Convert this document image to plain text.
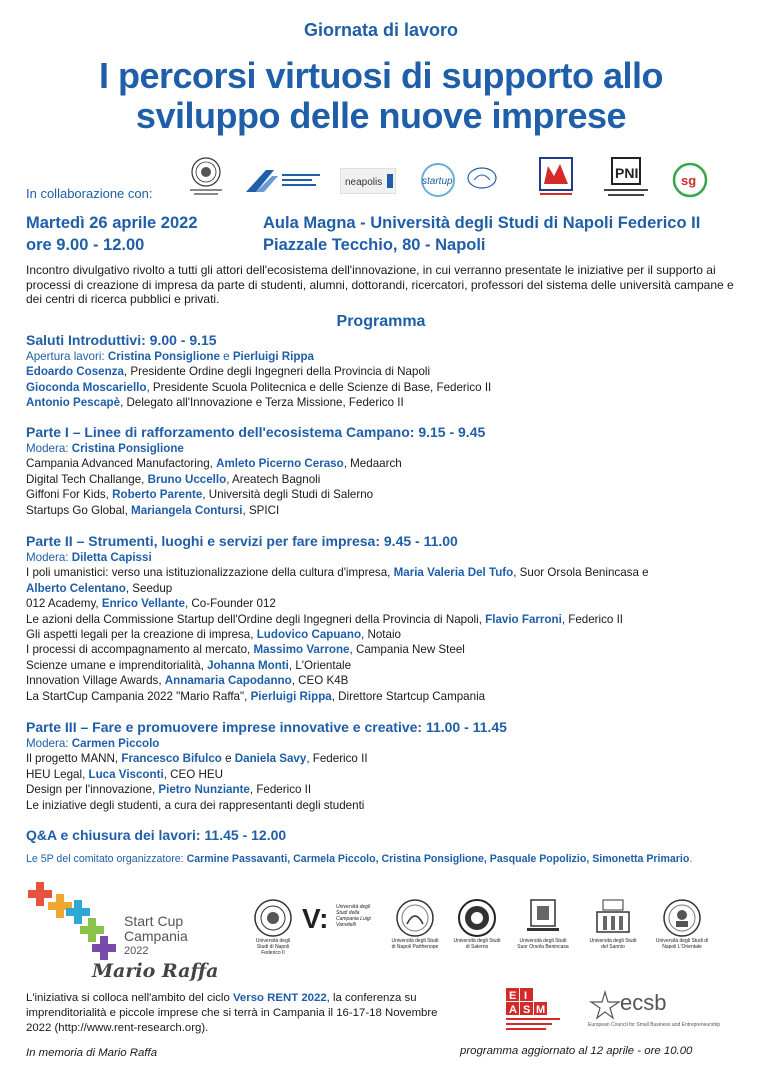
Giornata di lavoro
I percorsi virtuosi di supporto allo
sviluppo delle nuove imprese
In collaborazione con:
neapolis	startup
PNI	sg
Martedì 26 aprile 2022
ore 9.00 - 12.00
Aula Magna - Università degli Studi di Napoli Federico II
Piazzale Tecchio, 80 - Napoli
Incontro divulgativo rivolto a tutti gli attori dell'ecosistema dell'innovazione, in cui verranno presentate le iniziative per il supporto ai processi di creazione di impresa da parte di studenti, alumni, dottorandi, ricercatori, professori del sistema delle università campane e dei centri di ricerca pubblici e privati.
Programma
Saluti Introduttivi: 9.00 - 9.15
Apertura lavori: Cristina Ponsiglione e Pierluigi Rippa
Edoardo Cosenza, Presidente Ordine degli Ingegneri della Provincia di Napoli
Gioconda Moscariello, Presidente Scuola Politecnica e delle Scienze di Base, Federico II
Antonio Pescapè, Delegato all'Innovazione e Terza Missione, Federico II
Parte I – Linee di rafforzamento dell'ecosistema Campano: 9.15 - 9.45
Modera: Cristina Ponsiglione
Campania Advanced Manufactoring, Amleto Picerno Ceraso, Medaarch
Digital Tech Challange, Bruno Uccello, Areatech Bagnoli
Giffoni For Kids, Roberto Parente, Università degli Studi di Salerno
Startups Go Global, Mariangela Contursi, SPICI
Parte II – Strumenti, luoghi e servizi per fare impresa: 9.45 - 11.00
Modera: Diletta Capissi
I poli umanistici: verso una istituzionalizzazione della cultura d'impresa, Maria Valeria Del Tufo, Suor Orsola Benincasa e
Alberto Celentano, Seedup
012 Academy, Enrico Vellante, Co-Founder 012
Le azioni della Commissione Startup dell'Ordine degli Ingegneri della Provincia di Napoli, Flavio Farroni, Federico II
Gli aspetti legali per la creazione di impresa, Ludovico Capuano, Notaio
I processi di accompagnamento al mercato, Massimo Varrone, Campania New Steel
Scienze umane e imprenditorialità, Johanna Monti, L'Orientale
Innovation Village Awards, Annamaria Capodanno, CEO K4B
La StartCup Campania 2022 "Mario Raffa", Pierluigi Rippa, Direttore Startcup Campania
Parte III – Fare e promuovere imprese innovative e creative: 11.00 - 11.45
Modera: Carmen Piccolo
Il progetto MANN, Francesco Bifulco e Daniela Savy, Federico II
HEU Legal, Luca Visconti, CEO HEU
Design per l'innovazione, Pietro Nunziante, Federico II
Le iniziative degli studenti, a cura dei rappresentanti degli studenti
Q&A e chiusura dei lavori: 11.45 - 12.00
Le 5P del comitato organizzatore: Carmine Passavanti, Carmela Piccolo, Cristina Ponsiglione, Pasquale Popolizio, Simonetta Primario.
Start Cup
Campania
2022
Mario Raffa
Università degli Studi di Napoli Federico II
V: Università degli Studi della Campania Luigi Vanvitelli
Università degli Studi di Napoli Parthenope
Università degli Studi di Salerno
Università degli Studi Suor Orsola Benincasa
Università degli Studi del Sannio
Università degli Studi di Napoli L'Orientale
L'iniziativa si colloca nell'ambito del ciclo Verso RENT 2022, la conferenza su imprenditorialità e piccole imprese che si terrà in Campania il 16-17-18 Novembre 2022 (http://www.rent-research.org).
E I
A S M	ecsb
European Council for Small Business and Entrepreneurship
In memoria di Mario Raffa	programma aggiornato al 12 aprile - ore 10.00
